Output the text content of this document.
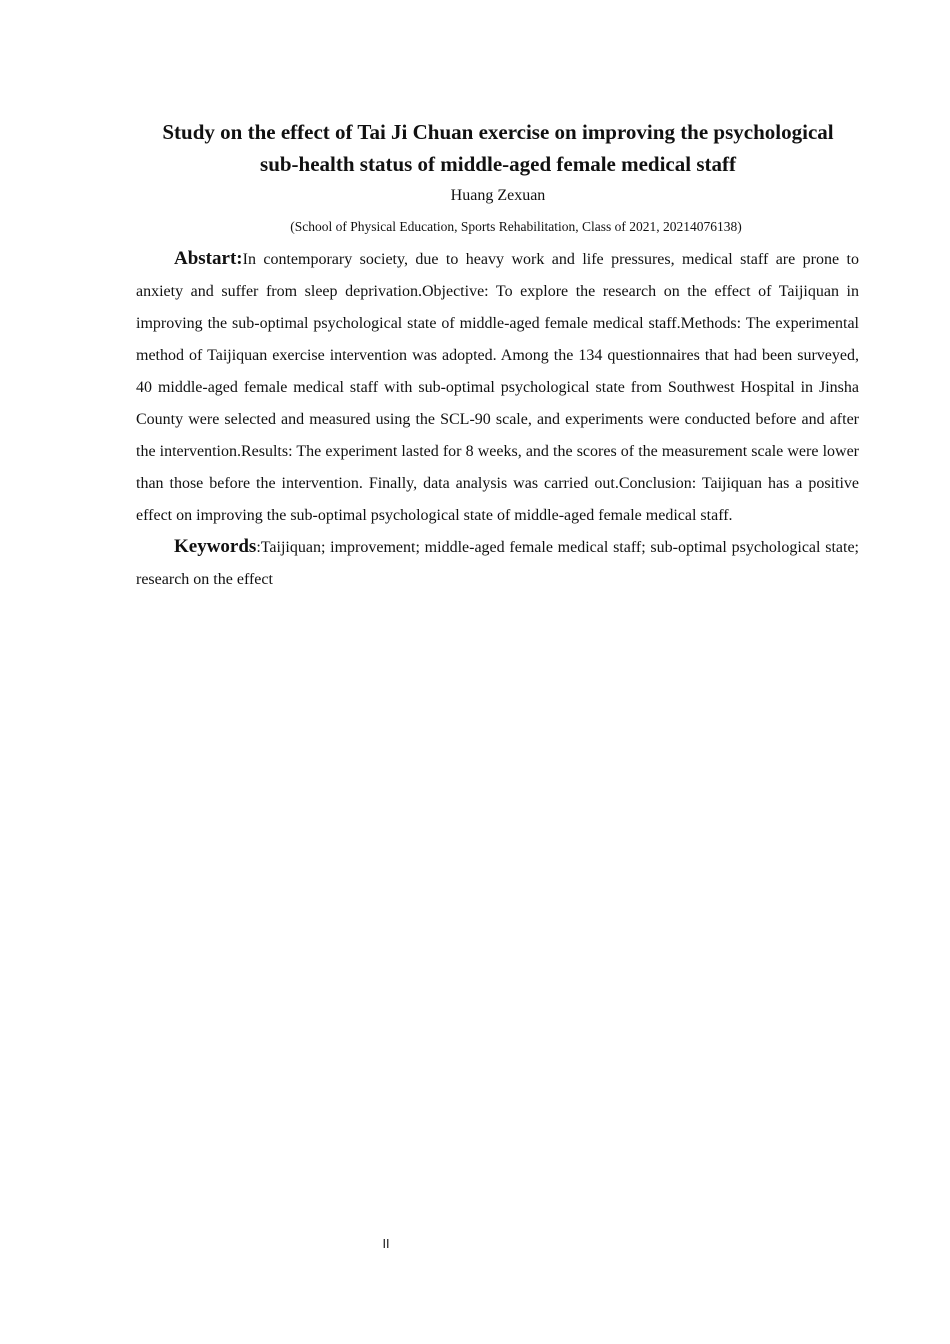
Study on the effect of Tai Ji Chuan exercise on improving the psychological
sub-health status of middle-aged female medical staff
Huang Zexuan
(School of Physical Education, Sports Rehabilitation, Class of 2021, 20214076138)

Abstart:In contemporary society, due to heavy work and life pressures, medical staff are prone to anxiety and suffer from sleep deprivation.Objective: To explore the research on the effect of Taijiquan in improving the sub-optimal psychological state of middle-aged female medical staff.Methods: The experimental method of Taijiquan exercise intervention was adopted. Among the 134 questionnaires that had been surveyed, 40 middle-aged female medical staff with sub-optimal psychological state from Southwest Hospital in Jinsha County were selected and measured using the SCL-90 scale, and experiments were conducted before and after the intervention.Results: The experiment lasted for 8 weeks, and the scores of the measurement scale were lower than those before the intervention. Finally, data analysis was carried out.Conclusion: Taijiquan has a positive effect on improving the sub-optimal psychological state of middle-aged female medical staff.

Keywords:Taijiquan; improvement; middle-aged female medical staff; sub-optimal psychological state; research on the effect

II
